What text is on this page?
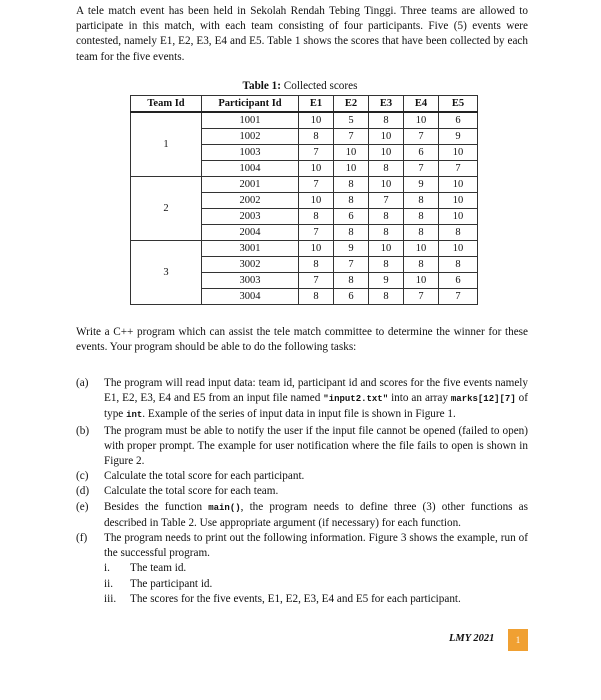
A tele match event has been held in Sekolah Rendah Tebing Tinggi. Three teams are allowed to participate in this match, with each team consisting of four participants. Five (5) events were contested, namely E1, E2, E3, E4 and E5. Table 1 shows the scores that have been collected by each team for the five events.

Table 1: Collected scores
Team Id	Participant Id	E1	E2	E3	E4	E5
1	1001	10	5	8	10	6
	1002	8	7	10	7	9
	1003	7	10	10	6	10
	1004	10	10	8	7	7
2	2001	7	8	10	9	10
	2002	10	8	7	8	10
	2003	8	6	8	8	10
	2004	7	8	8	8	8
3	3001	10	9	10	10	10
	3002	8	7	8	8	8
	3003	7	8	9	10	6
	3004	8	6	8	7	7

Write a C++ program which can assist the tele match committee to determine the winner for these events. Your program should be able to do the following tasks:

(a)	The program will read input data: team id, participant id and scores for the five events namely E1, E2, E3, E4 and E5 from an input file named "input2.txt" into an array marks[12][7] of type int. Example of the series of input data in input file is shown in Figure 1.
(b)	The program must be able to notify the user if the input file cannot be opened (failed to open) with proper prompt. The example for user notification where the file fails to open is shown in Figure 2.
(c)	Calculate the total score for each participant.
(d)	Calculate the total score for each team.
(e)	Besides the function main(), the program needs to define three (3) other functions as described in Table 2. Use appropriate argument (if necessary) for each function.
(f)	The program needs to print out the following information. Figure 3 shows the example, run of the successful program.
i.	The team id.
ii.	The participant id.
iii.	The scores for the five events, E1, E2, E3, E4 and E5 for each participant.
LMY 2021	1
